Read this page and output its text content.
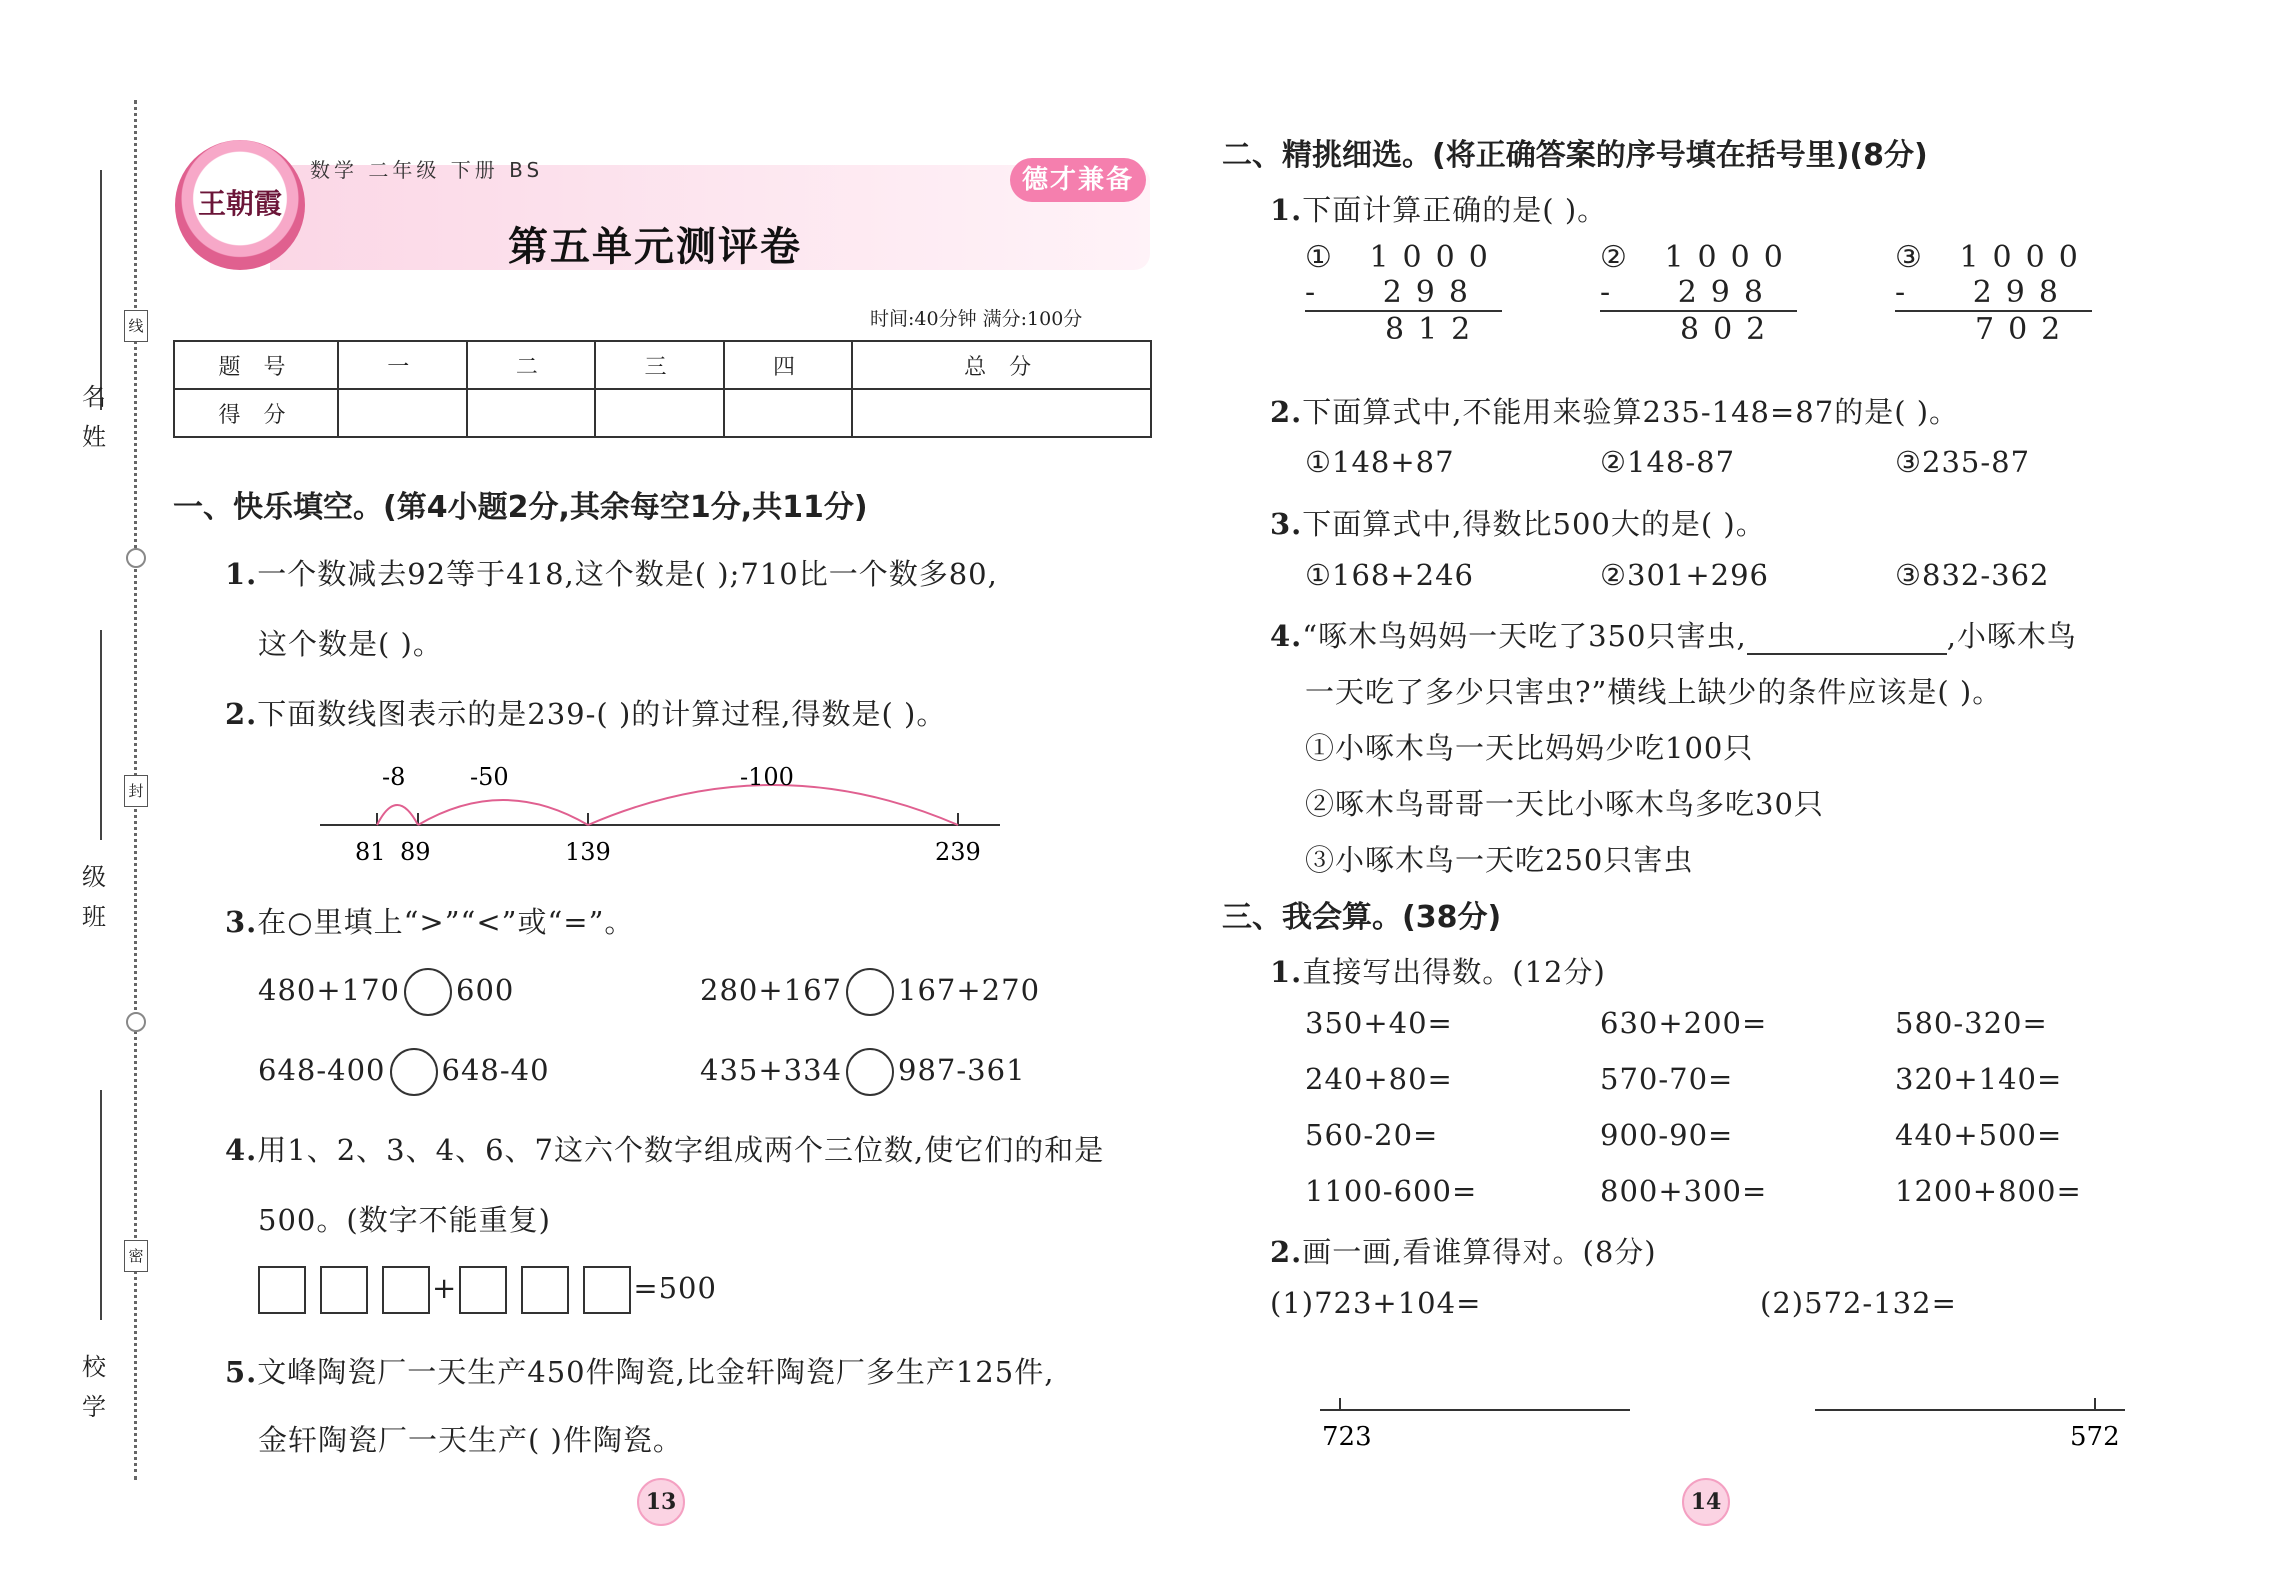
姓
名
班
级
学
校
线
封
密
王朝霞
数学 二年级 下册 BS
第五单元测评卷
德才兼备
时间:40分钟 满分:100分
题 号	一	二	三	四	总 分
得 分					
一、快乐填空。(第4小题2分,其余每空1分,共11分)
1.一个数减去92等于418,这个数是( );710比一个数多80,
这个数是( )。
2.下面数线图表示的是239-( )的计算过程,得数是( )。
-8	-50	-100
81 89	139	239
3.在○里填上“>”“<”或“=”。
480+170 600	280+167 167+270
648-400 648-40	435+334 987-361
4.用1、2、3、4、6、7这六个数字组成两个三位数,使它们的和是
500。(数字不能重复)
+	=500
5.文峰陶瓷厂一天生产450件陶瓷,比金轩陶瓷厂多生产125件,
金轩陶瓷厂一天生产( )件陶瓷。
13
二、精挑细选。(将正确答案的序号填在括号里)(8分)
1.下面计算正确的是( )。
① 1000
- 298
812
② 1000
- 298
802
③ 1000
- 298
702
2.下面算式中,不能用来验算235-148=87的是( )。
①148+87	②148-87	③235-87
3.下面算式中,得数比500大的是( )。
①168+246	②301+296	③832-362
4.“啄木鸟妈妈一天吃了350只害虫,	,小啄木鸟
一天吃了多少只害虫?”横线上缺少的条件应该是( )。
①小啄木鸟一天比妈妈少吃100只
②啄木鸟哥哥一天比小啄木鸟多吃30只
③小啄木鸟一天吃250只害虫
三、我会算。(38分)
1.直接写出得数。(12分)
350+40=	630+200=	580-320=
240+80=	570-70=	320+140=
560-20=	900-90=	440+500=
1100-600=	800+300=	1200+800=
2.画一画,看谁算得对。(8分)
(1)723+104=	(2)572-132=
723	572
14
